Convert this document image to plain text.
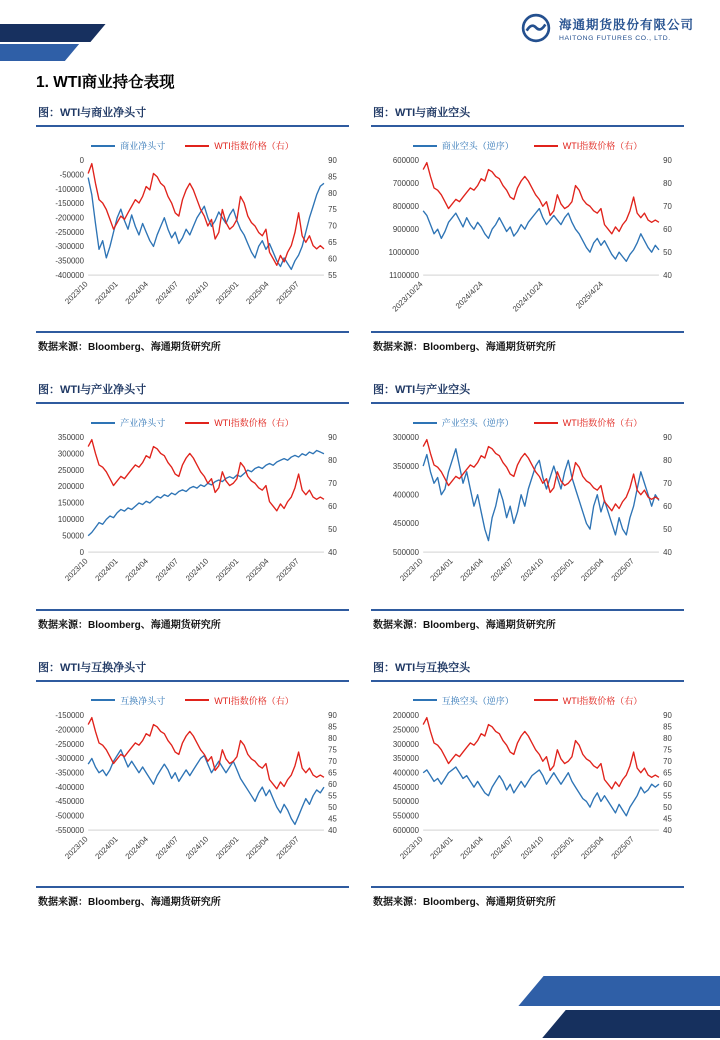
海通期货股份有限公司
HAITONG FUTURES CO., LTD.
1. WTI商业持仓表现
图：WTI与商业净头寸
商业净头寸	WTI指数价格（右）
0
-50000
-100000
-150000
-200000
-250000
-300000
-350000
-400000
90
85
80
75
70
65
60
55
2023/10 2024/01 2024/04 2024/07 2024/10 2025/01 2025/04 2025/07
数据来源：Bloomberg、海通期货研究所
图：WTI与商业空头
商业空头（逆序）	WTI指数价格（右）
600000
700000
800000
900000
1000000
1100000
90
80
70
60
50
40
2023/10/24	2024/4/24	2024/10/24	2025/4/24
数据来源：Bloomberg、海通期货研究所
图：WTI与产业净头寸
产业净头寸	WTI指数价格（右）
350000
300000
250000
200000
150000
100000
50000
0
90
80
70
60
50
40
2023/10 2024/01 2024/04 2024/07 2024/10 2025/01 2025/04 2025/07
数据来源：Bloomberg、海通期货研究所
图：WTI与产业空头
产业空头（逆序）	WTI指数价格（右）
300000
350000
400000
450000
500000
90
80
70
60
50
40
2023/10 2024/01 2024/04 2024/07 2024/10 2025/01 2025/04 2025/07
数据来源：Bloomberg、海通期货研究所
图：WTI与互换净头寸
互换净头寸	WTI指数价格（右）
-150000
-200000
-250000
-300000
-350000
-400000
-450000
-500000
-550000
90
85
80
75
70
65
60
55
50
45
40
2023/10 2024/01 2024/04 2024/07 2024/10 2025/01 2025/04 2025/07
数据来源：Bloomberg、海通期货研究所
图：WTI与互换空头
互换空头（逆序）	WTI指数价格（右）
200000
250000
300000
350000
400000
450000
500000
550000
600000
90
85
80
75
70
65
60
55
50
45
40
2023/10 2024/01 2024/04 2024/07 2024/10 2025/01 2025/04 2025/07
数据来源：Bloomberg、海通期货研究所
